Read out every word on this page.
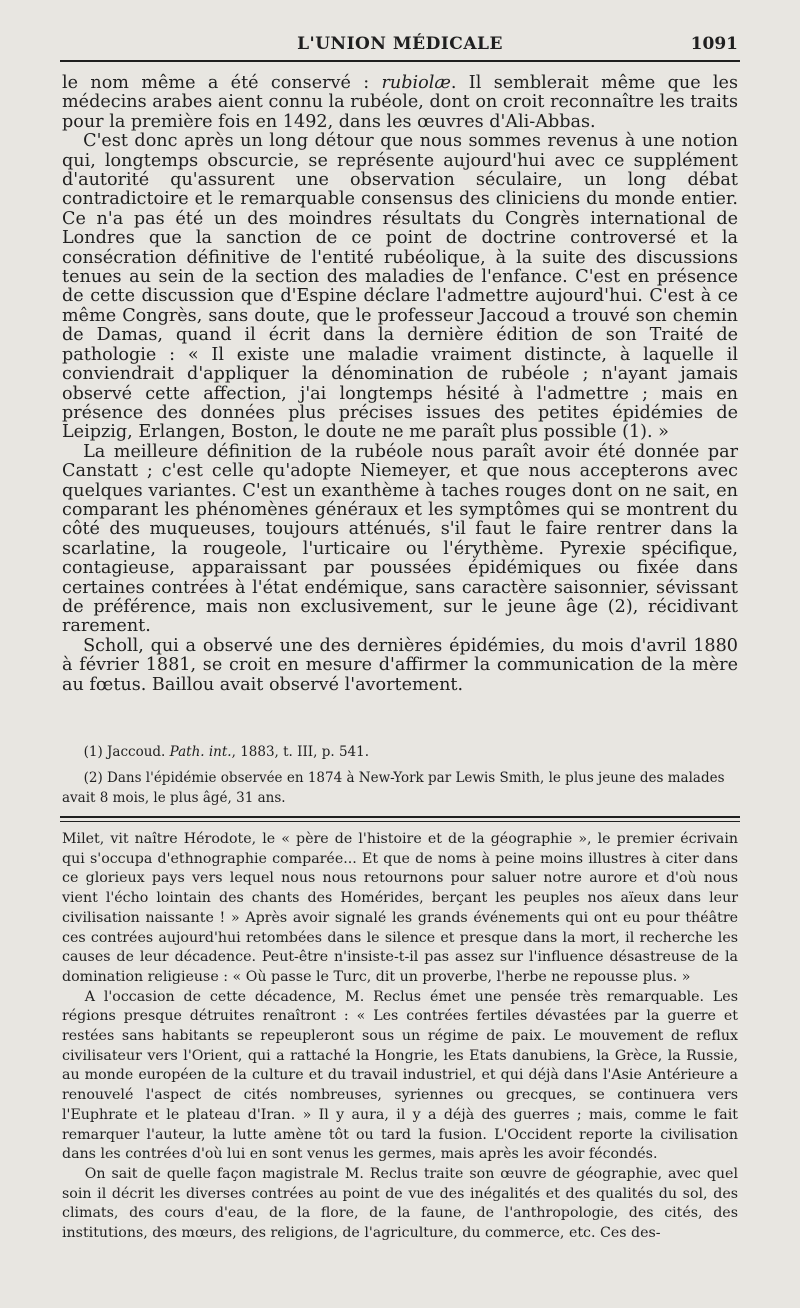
L'UNION MÉDICALE	1091

le nom même a été conservé : rubiolæ. Il semblerait même que les médecins arabes aient connu la rubéole, dont on croit reconnaître les traits pour la première fois en 1492, dans les œuvres d'Ali-Abbas.

C'est donc après un long détour que nous sommes revenus à une notion qui, longtemps obscurcie, se représente aujourd'hui avec ce supplément d'autorité qu'assurent une observation séculaire, un long débat contradictoire et le remarquable consensus des cliniciens du monde entier. Ce n'a pas été un des moindres résultats du Congrès international de Londres que la sanction de ce point de doctrine controversé et la consécration définitive de l'entité rubéolique, à la suite des discussions tenues au sein de la section des maladies de l'enfance. C'est en présence de cette discussion que d'Espine déclare l'admettre aujourd'hui. C'est à ce même Congrès, sans doute, que le professeur Jaccoud a trouvé son chemin de Damas, quand il écrit dans la dernière édition de son Traité de pathologie : « Il existe une maladie vraiment distincte, à laquelle il conviendrait d'appliquer la dénomination de rubéole ; n'ayant jamais observé cette affection, j'ai longtemps hésité à l'admettre ; mais en présence des données plus précises issues des petites épidémies de Leipzig, Erlangen, Boston, le doute ne me paraît plus possible (1). »

La meilleure définition de la rubéole nous paraît avoir été donnée par Canstatt ; c'est celle qu'adopte Niemeyer, et que nous accepterons avec quelques variantes. C'est un exanthème à taches rouges dont on ne sait, en comparant les phénomènes généraux et les symptômes qui se montrent du côté des muqueuses, toujours atténués, s'il faut le faire rentrer dans la scarlatine, la rougeole, l'urticaire ou l'érythème. Pyrexie spécifique, contagieuse, apparaissant par poussées épidémiques ou fixée dans certaines contrées à l'état endémique, sans caractère saisonnier, sévissant de préférence, mais non exclusivement, sur le jeune âge (2), récidivant rarement.

Scholl, qui a observé une des dernières épidémies, du mois d'avril 1880 à février 1881, se croit en mesure d'affirmer la communication de la mère au fœtus. Baillou avait observé l'avortement.

(1) Jaccoud. Path. int., 1883, t. III, p. 541.

(2) Dans l'épidémie observée en 1874 à New-York par Lewis Smith, le plus jeune des malades avait 8 mois, le plus âgé, 31 ans.

Milet, vit naître Hérodote, le « père de l'histoire et de la géographie », le premier écrivain qui s'occupa d'ethnographie comparée... Et que de noms à peine moins illustres à citer dans ce glorieux pays vers lequel nous nous retournons pour saluer notre aurore et d'où nous vient l'écho lointain des chants des Homérides, berçant les peuples nos aïeux dans leur civilisation naissante ! » Après avoir signalé les grands événements qui ont eu pour théâtre ces contrées aujourd'hui retombées dans le silence et presque dans la mort, il recherche les causes de leur décadence. Peut-être n'insiste-t-il pas assez sur l'influence désastreuse de la domination religieuse : « Où passe le Turc, dit un proverbe, l'herbe ne repousse plus. »

A l'occasion de cette décadence, M. Reclus émet une pensée très remarquable. Les régions presque détruites renaîtront : « Les contrées fertiles dévastées par la guerre et restées sans habitants se repeupleront sous un régime de paix. Le mouvement de reflux civilisateur vers l'Orient, qui a rattaché la Hongrie, les Etats danubiens, la Grèce, la Russie, au monde européen de la culture et du travail industriel, et qui déjà dans l'Asie Antérieure a renouvelé l'aspect de cités nombreuses, syriennes ou grecques, se continuera vers l'Euphrate et le plateau d'Iran. » Il y aura, il y a déjà des guerres ; mais, comme le fait remarquer l'auteur, la lutte amène tôt ou tard la fusion. L'Occident reporte la civilisation dans les contrées d'où lui en sont venus les germes, mais après les avoir fécondés.

On sait de quelle façon magistrale M. Reclus traite son œuvre de géographie, avec quel soin il décrit les diverses contrées au point de vue des inégalités et des qualités du sol, des climats, des cours d'eau, de la flore, de la faune, de l'anthropologie, des cités, des institutions, des mœurs, des religions, de l'agriculture, du commerce, etc. Ces des-
